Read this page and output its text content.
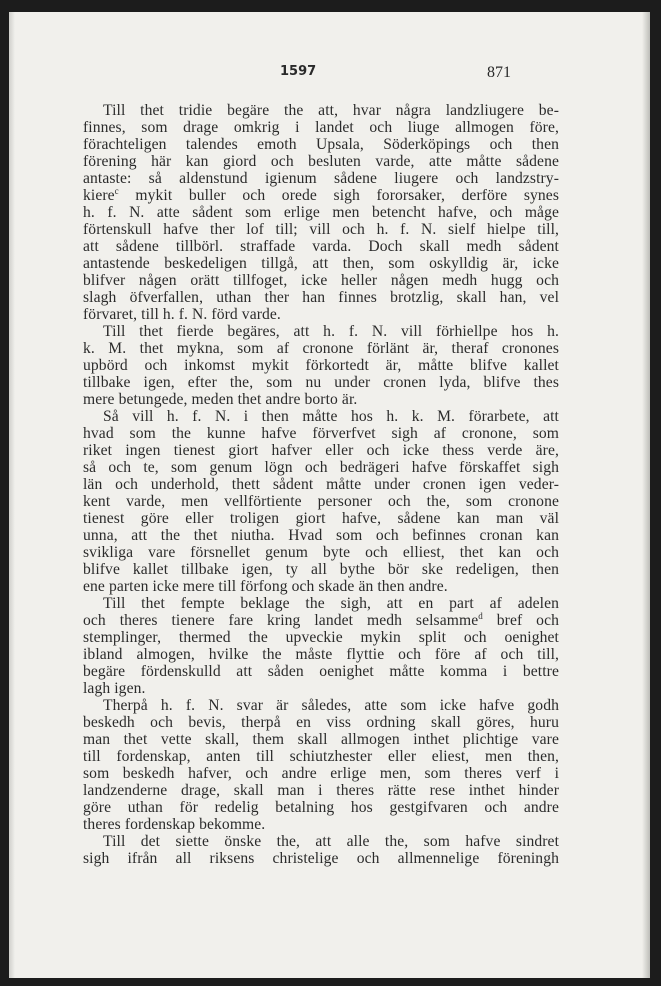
1597	871
Till thet tridie begäre the att, hvar några landzliugere be-
finnes, som drage omkrig i landet och liuge allmogen före,
förachteligen talendes emoth Upsala, Söderköpings och then
förening här kan giord och besluten varde, atte måtte sådene
antaste: så aldenstund igienum sådene liugere och landzstry-
kiere$^c$ mykit buller och orede sigh fororsaker, derföre synes
h. f. N. atte sådent som erlige men betencht hafve, och måge
förtenskull hafve ther lof till; vill och h. f. N. sielf hielpe till,
att sådene tillbörl. straffade varda. Doch skall medh sådent
antastende beskedeligen tillgå, att then, som oskylldig är, icke
blifver någen orätt tillfoget, icke heller någen medh hugg och
slagh öfverfallen, uthan ther han finnes brotzlig, skall han, vel
förvaret, till h. f. N. förd varde.
Till thet fierde begäres, att h. f. N. vill förhiellpe hos h.
k. M. thet mykna, som af cronone förlänt är, theraf cronones
upbörd och inkomst mykit förkortedt är, måtte blifve kallet
tillbake igen, efter the, som nu under cronen lyda, blifve thes
mere betungede, meden thet andre borto är.
Så vill h. f. N. i then måtte hos h. k. M. förarbete, att
hvad som the kunne hafve förverfvet sigh af cronone, som
riket ingen tienest giort hafver eller och icke thess verde äre,
så och te, som genum lögn och bedrägeri hafve förskaffet sigh
län och underhold, thett sådent måtte under cronen igen veder-
kent varde, men vellförtiente personer och the, som cronone
tienest göre eller troligen giort hafve, sådene kan man väl
unna, att the thet niutha. Hvad som och befinnes cronan kan
svikliga vare försnellet genum byte och elliest, thet kan och
blifve kallet tillbake igen, ty all bythe bör ske redeligen, then
ene parten icke mere till förfong och skade än then andre.
Till thet fempte beklage the sigh, att en part af adelen
och theres tienere fare kring landet medh selsamme$^d$ bref och
stemplinger, thermed the upveckie mykin split och oenighet
ibland almogen, hvilke the måste flyttie och före af och till,
begäre fördenskulld att såden oenighet måtte komma i bettre
lagh igen.
Therpå h. f. N. svar är således, atte som icke hafve godh
beskedh och bevis, therpå en viss ordning skall göres, huru
man thet vette skall, them skall allmogen inthet plichtige vare
till fordenskap, anten till schiutzhester eller eliest, men then,
som beskedh hafver, och andre erlige men, som theres verf i
landzenderne drage, skall man i theres rätte rese inthet hinder
göre uthan för redelig betalning hos gestgifvaren och andre
theres fordenskap bekomme.
Till det siette önske the, att alle the, som hafve sindret
sigh ifrån all riksens christelige och allmennelige föreningh
